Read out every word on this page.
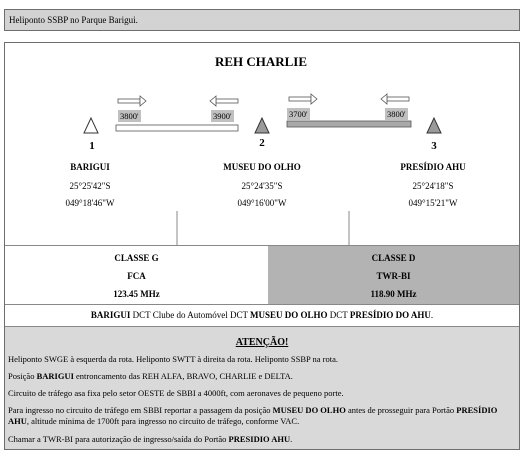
Heliponto SSBP no Parque Barigui.
REH CHARLIE
3800'	3900'	3700'	3800'
1	2	3
BARIGUI
25°25'42"S
049°18'46"W
MUSEU DO OLHO
25°24'35"S
049°16'00"W
PRESÍDIO AHU
25°24'18"S
049°15'21"W
CLASSE G
FCA
123.45 MHz
CLASSE D
TWR-BI
118.90 MHz
BARIGUI DCT Clube do Automóvel DCT MUSEU DO OLHO DCT PRESÍDIO DO AHU.
ATENÇÃO!
Heliponto SWGE à esquerda da rota. Heliponto SWTT à direita da rota. Heliponto SSBP na rota.
Posição BARIGUI entroncamento das REH ALFA, BRAVO, CHARLIE e DELTA.
Circuito de tráfego asa fixa pelo setor OESTE de SBBI a 4000ft, com aeronaves de pequeno porte.
Para ingresso no circuito de tráfego em SBBI reportar a passagem da posição MUSEU DO OLHO antes de prosseguir para Portão PRESÍDIO AHU, altitude mínima de 1700ft para ingresso no circuito de tráfego, conforme VAC.
Chamar a TWR-BI para autorização de ingresso/saída do Portão PRESIDIO AHU.
